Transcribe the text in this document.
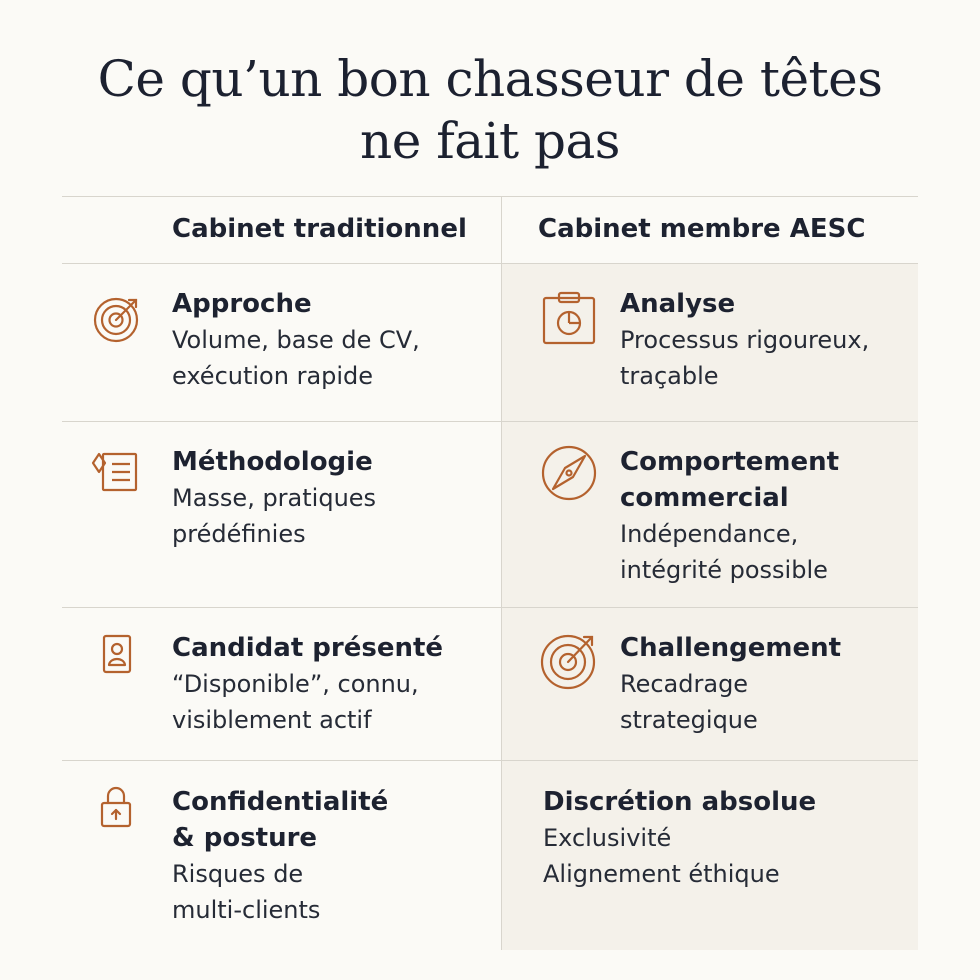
Ce qu’un bon chasseur de têtes
ne fait pas
Cabinet traditionnel	Cabinet membre AESC
Approche
Volume, base de CV,
exécution rapide
Analyse
Processus rigoureux,
traçable
Méthodologie
Masse, pratiques
prédéfinies
Comportement
commercial
Indépendance,
intégrité possible
Candidat présenté
“Disponible”, connu,
visiblement actif
Challengement
Recadrage
strategique
Confidentialité
& posture
Risques de
multi-clients
Discrétion absolue
Exclusivité
Alignement éthique
